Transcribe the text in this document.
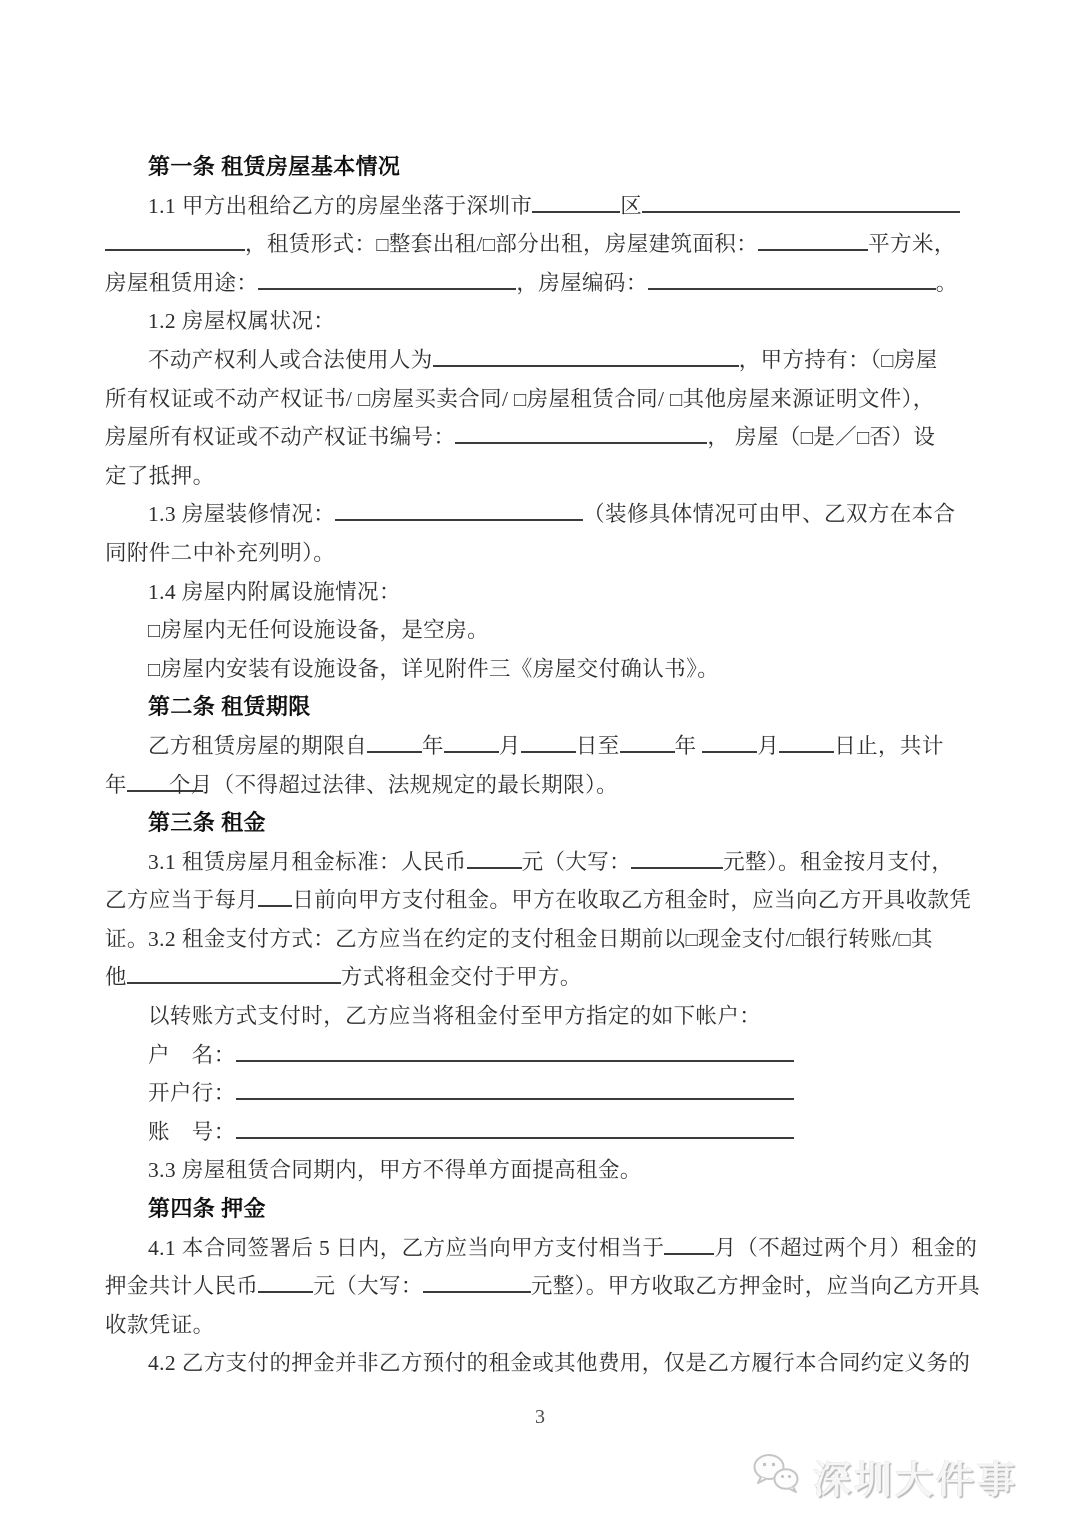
第一条 租赁房屋基本情况
1.1 甲方出租给乙方的房屋坐落于深圳市	区
，租赁形式：□整套出租/□部分出租，房屋建筑面积：	平方米，
房屋租赁用途：	，房屋编码：	。
1.2 房屋权属状况：
不动产权利人或合法使用人为	，甲方持有：（□房屋
所有权证或不动产权证书/ □房屋买卖合同/ □房屋租赁合同/ □其他房屋来源证明文件），
房屋所有权证或不动产权证书编号：	， 房屋（□是／□否）设
定了抵押。
1.3 房屋装修情况：	（装修具体情况可由甲、乙双方在本合
同附件二中补充列明）。
1.4 房屋内附属设施情况：
□房屋内无任何设施设备，是空房。
□房屋内安装有设施设备，详见附件三《房屋交付确认书》。
第二条 租赁期限
乙方租赁房屋的期限自	年	月	日至	年	月	日止，共计
年 个月（不得超过法律、法规规定的最长期限）。
第三条 租金
3.1 租赁房屋月租金标准：人民币	元（大写：	元整）。租金按月支付，
乙方应当于每月 日前向甲方支付租金。甲方在收取乙方租金时，应当向乙方开具收款凭证。 3.2 租金支付方式：乙方应当在约定的支付租金日期前以□现金支付/□银行转账/□其
他	方式将租金交付于甲方。
以转账方式支付时，乙方应当将租金付至甲方指定的如下帐户：
户　名：
开户行：
账　号：
3.3 房屋租赁合同期内，甲方不得单方面提高租金。
第四条 押金
4.1 本合同签署后 5 日内，乙方应当向甲方支付相当于 月（不超过两个月）租金的
押金共计人民币	元（大写：	元整）。甲方收取乙方押金时，应当向乙方开具
收款凭证。
4.2 乙方支付的押金并非乙方预付的租金或其他费用，仅是乙方履行本合同约定义务的
3
深圳大件事
